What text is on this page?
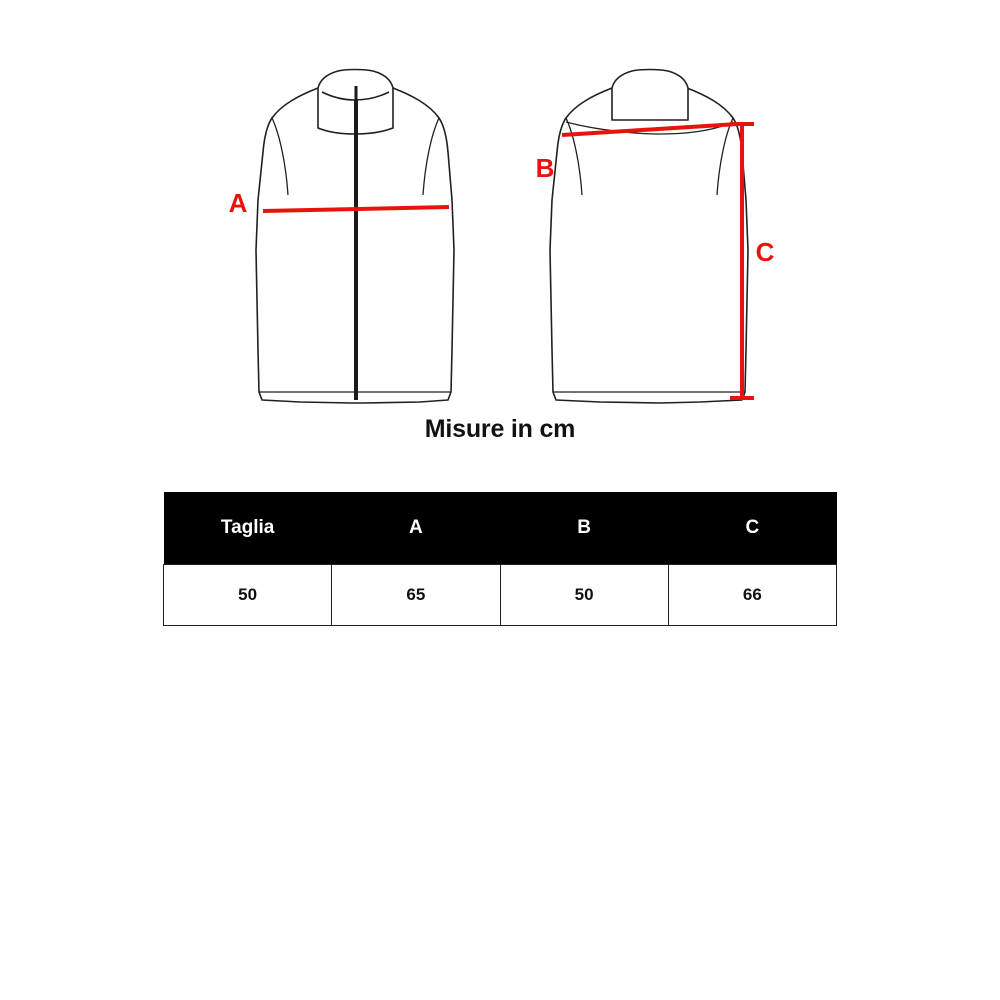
A
B
C
Misure in cm
Taglia	A	B	C
50	65	50	66
